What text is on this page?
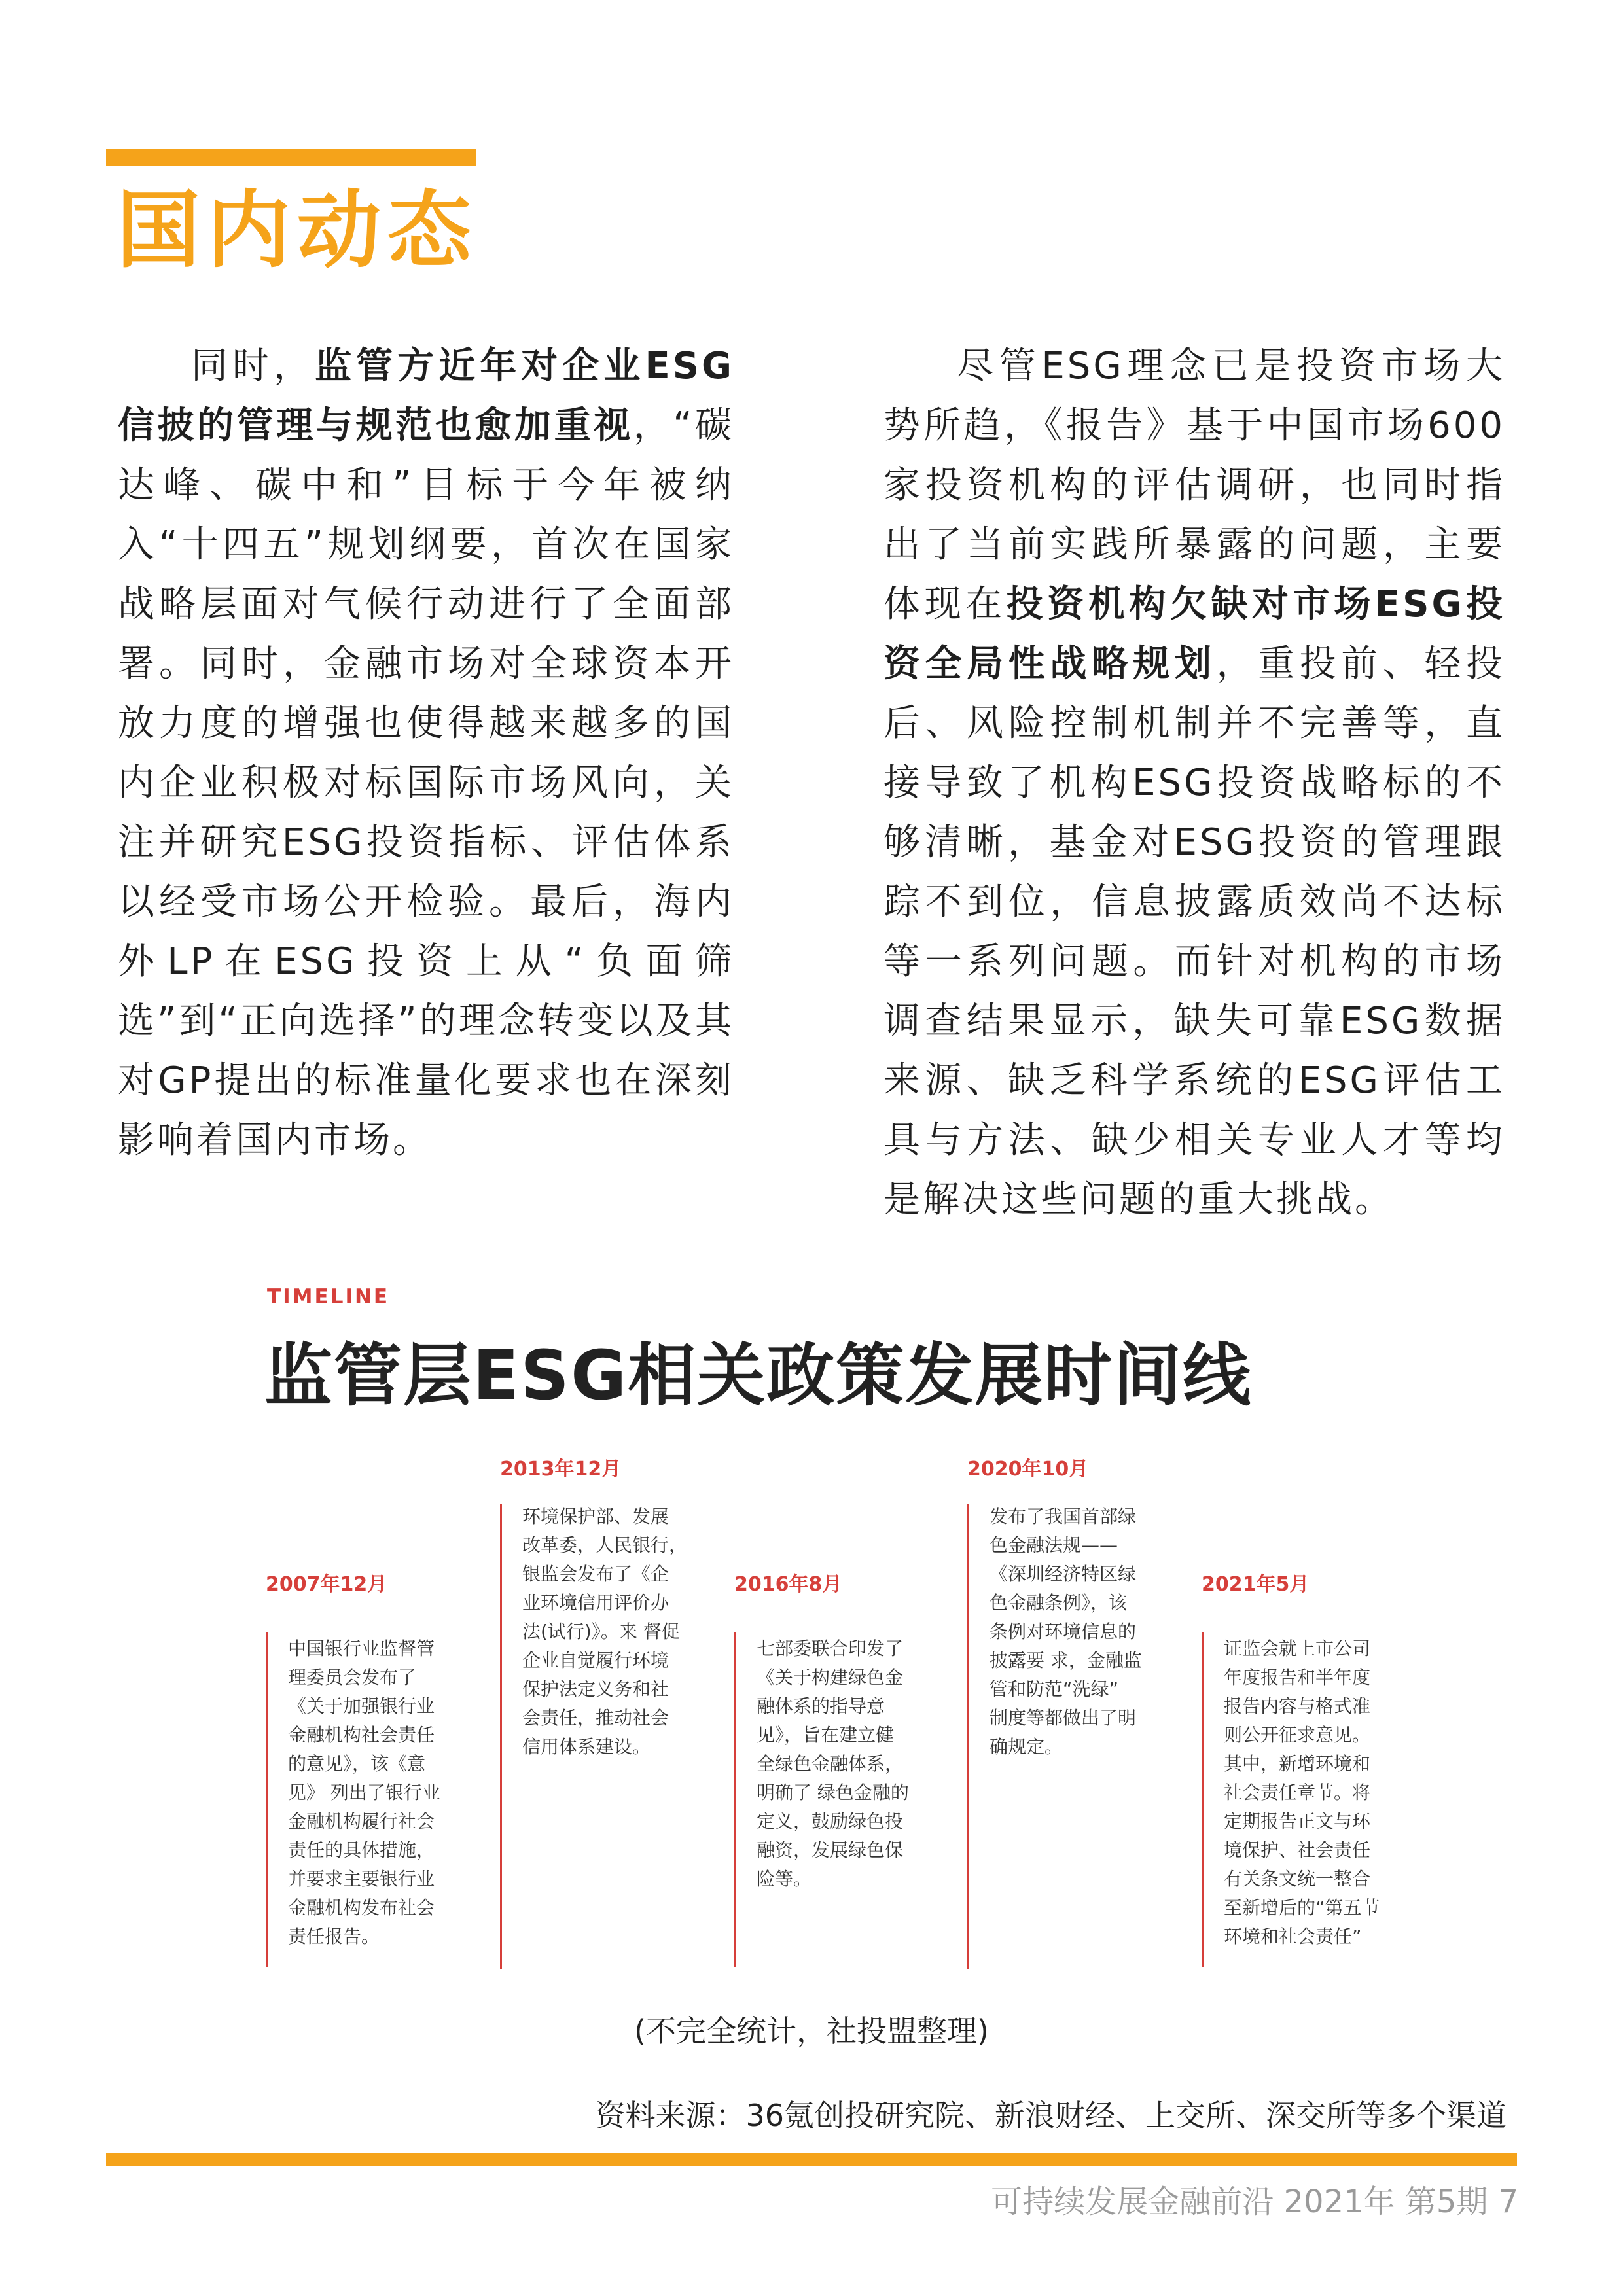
国内动态

同时，监管方近年对企业ESG信披的管理与规范也愈加重视，“碳达峰、碳中和”目标于今年被纳入“十四五”规划纲要，首次在国家战略层面对气候行动进行了全面部署。同时，金融市场对全球资本开放力度的增强也使得越来越多的国内企业积极对标国际市场风向，关注并研究ESG投资指标、评估体系以经受市场公开检验。最后，海内外LP在ESG投资上从“负面筛选”到“正向选择”的理念转变以及其对GP提出的标准量化要求也在深刻影响着国内市场。

尽管ESG理念已是投资市场大势所趋，《报告》基于中国市场600家投资机构的评估调研，也同时指出了当前实践所暴露的问题，主要体现在投资机构欠缺对市场ESG投资全局性战略规划，重投前、轻投后、风险控制机制并不完善等，直接导致了机构ESG投资战略标的不够清晰，基金对ESG投资的管理跟踪不到位，信息披露质效尚不达标等一系列问题。而针对机构的市场调查结果显示，缺失可靠ESG数据来源、缺乏科学系统的ESG评估工具与方法、缺少相关专业人才等均是解决这些问题的重大挑战。

TIMELINE
监管层ESG相关政策发展时间线
2007年12月

中国银行业监督管

理委员会发布了

《关于加强银行业

金融机构社会责任

的意见》，该《意

见》 列出了银行业

金融机构履行社会

责任的具体措施，

并要求主要银行业

金融机构发布社会

责任报告。

2013年12月

环境保护部、发展

改革委，人民银行，

银监会发布了《企

业环境信用评价办

法(试行)》。来 督促

企业自觉履行环境

保护法定义务和社

会责任，推动社会

信用体系建设。

2016年8月

七部委联合印发了

《关于构建绿色金

融体系的指导意

见》，旨在建立健

全绿色金融体系，

明确了 绿色金融的

定义，鼓励绿色投

融资，发展绿色保

险等。

2020年10月

发布了我国首部绿

色金融法规——

《深圳经济特区绿

色金融条例》，该

条例对环境信息的

披露要 求，金融监

管和防范“洗绿”

制度等都做出了明

确规定。

2021年5月

证监会就上市公司

年度报告和半年度

报告内容与格式准

则公开征求意见。

其中，新增环境和

社会责任章节。将

定期报告正文与环

境保护、社会责任

有关条文统一整合

至新增后的“第五节

环境和社会责任”

(不完全统计，社投盟整理)
资料来源：36氪创投研究院、新浪财经、上交所、深交所等多个渠道
可持续发展金融前沿 2021年 第5期 7
